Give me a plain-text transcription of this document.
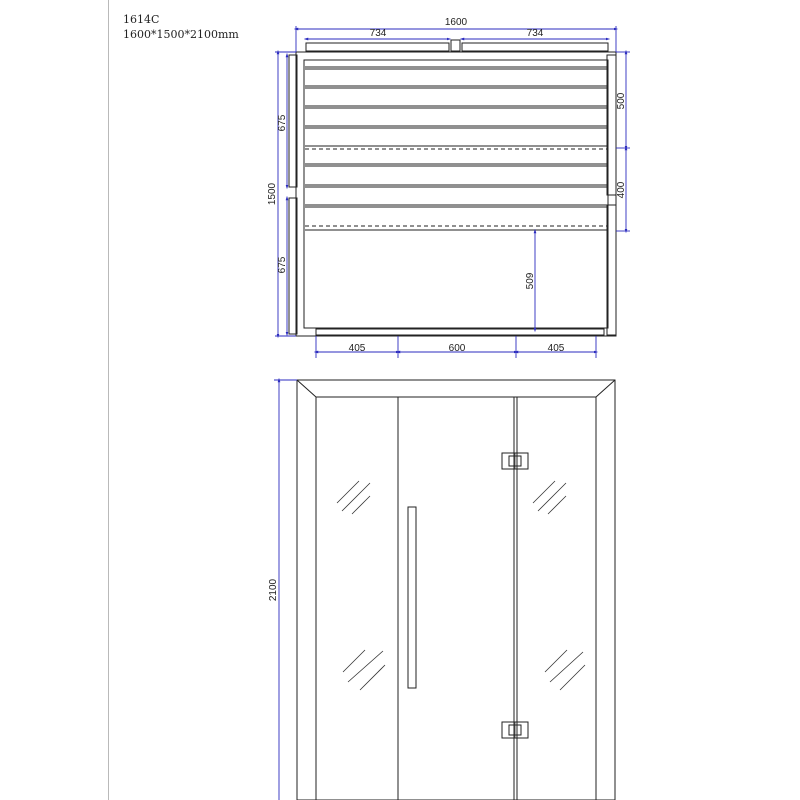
1614C
1600*1500*2100mm
1600
734	734
1500
675
675
500
400
509
405	600	405
2100
